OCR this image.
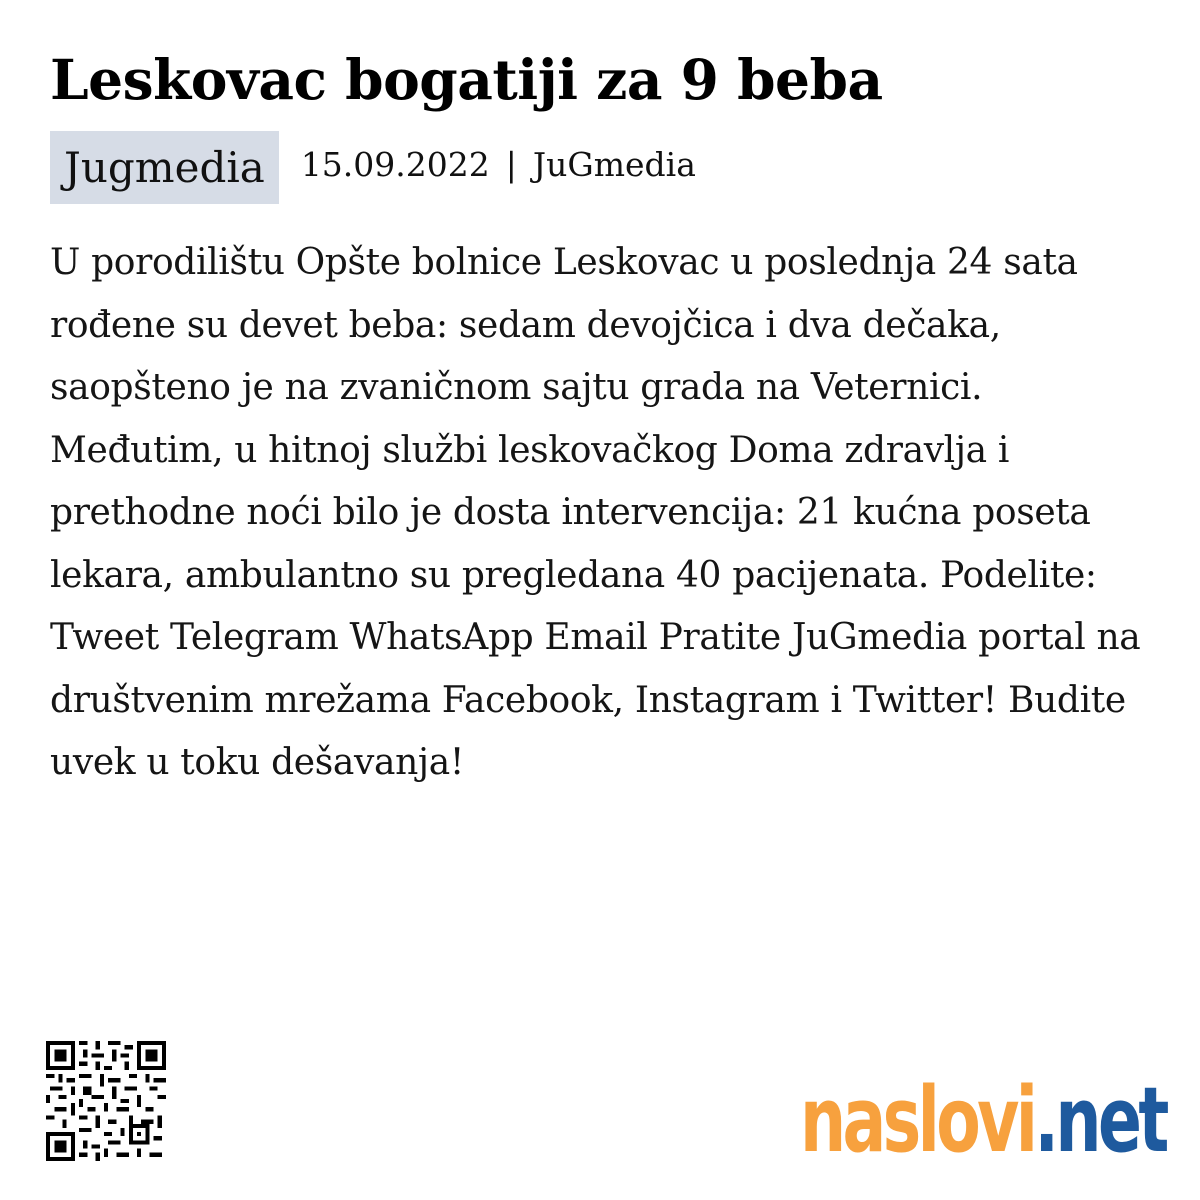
Leskovac bogatiji za 9 beba
Jugmedia	15.09.2022 | JuGmedia

U porodilištu Opšte bolnice Leskovac u poslednja 24 sata rođene su devet beba: sedam devojčica i dva dečaka, saopšteno je na zvaničnom sajtu grada na Veternici. Međutim, u hitnoj službi leskovačkog Doma zdravlja i prethodne noći bilo je dosta intervencija: 21 kućna poseta lekara, ambulantno su pregledana 40 pacijenata. Podelite: Tweet Telegram WhatsApp Email Pratite JuGmedia portal na društvenim mrežama Facebook, Instagram i Twitter! Budite uvek u toku dešavanja!

naslovi .net
